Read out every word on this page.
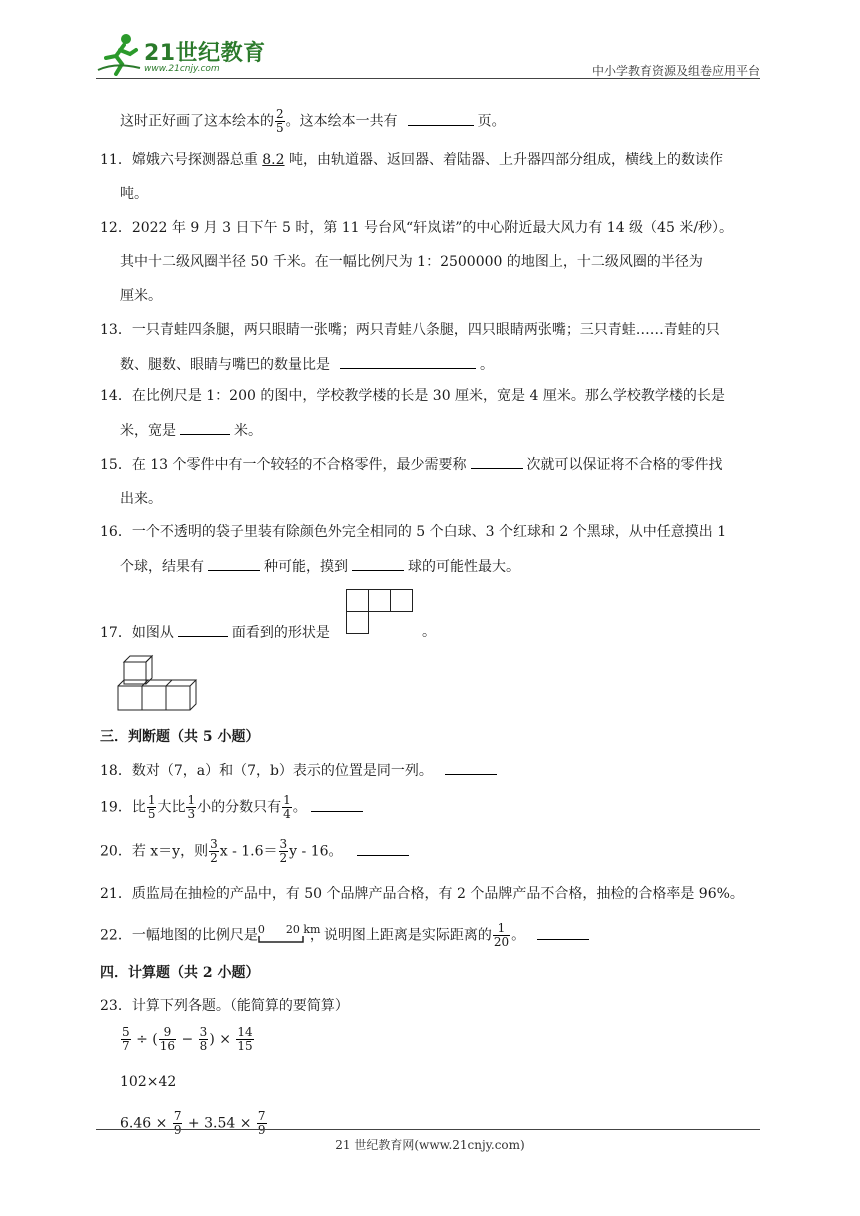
21世纪教育
www.21cnjy.com	中小学教育资源及组卷应用平台
这时正好画了这本绘本的 $\frac{2}{5}$ 。这本绘本一共有	页。
11．嫦娥六号探测器总重 8.2 吨，由轨道器、返回器、着陆器、上升器四部分组成，横线上的数读作
吨。
12．2022 年 9 月 3 日下午 5 时，第 11 号台风“轩岚诺”的中心附近最大风力有 14 级（45 米/秒）。
其中十二级风圈半径 50 千米。在一幅比例尺为 1：2500000 的地图上，十二级风圈的半径为
厘米。
13．一只青蛙四条腿，两只眼睛一张嘴；两只青蛙八条腿，四只眼睛两张嘴；三只青蛙……青蛙的只
数、腿数、眼睛与嘴巴的数量比是	。
14．在比例尺是 1：200 的图中，学校教学楼的长是 30 厘米，宽是 4 厘米。那么学校教学楼的长是
米，宽是	米。
15．在 13 个零件中有一个较轻的不合格零件，最少需要称	次就可以保证将不合格的零件找
出来。
16．一个不透明的袋子里装有除颜色外完全相同的 5 个白球、3 个红球和 2 个黑球，从中任意摸出 1
个球，结果有	种可能，摸到	球的可能性最大。
17．如图从	面看到的形状是	。
三．判断题（共 5 小题）
18．数对（7，a）和（7，b）表示的位置是同一列。
19．比 $\frac{1}{5}$ 大比 $\frac{1}{3}$ 小的分数只有 $\frac{1}{4}$ 。
20．若 x＝y，则 $\frac{3}{2}$ $x - 1.6= \frac{3}{2}$ y - 16。
21．质监局在抽检的产品中，有 50 个品牌产品合格，有 2 个品牌产品不合格，抽检的合格率是 96%。
22．一幅地图的比例尺是 0 20 km
，说明图上距离是实际距离的 $\frac{1}{20}$ 。
四．计算题（共 2 小题）
23．计算下列各题。（能简算的要简算）
$\frac{5}{7}$ ÷ ( $\frac{9}{16} - \frac{3}{8}$ ) × $\frac{14}{15}$
102×42
$6.46 \times \frac{7}{9} + 3.54 \times \frac{7}{9}$
21 世纪教育网(www.21cnjy.com)
